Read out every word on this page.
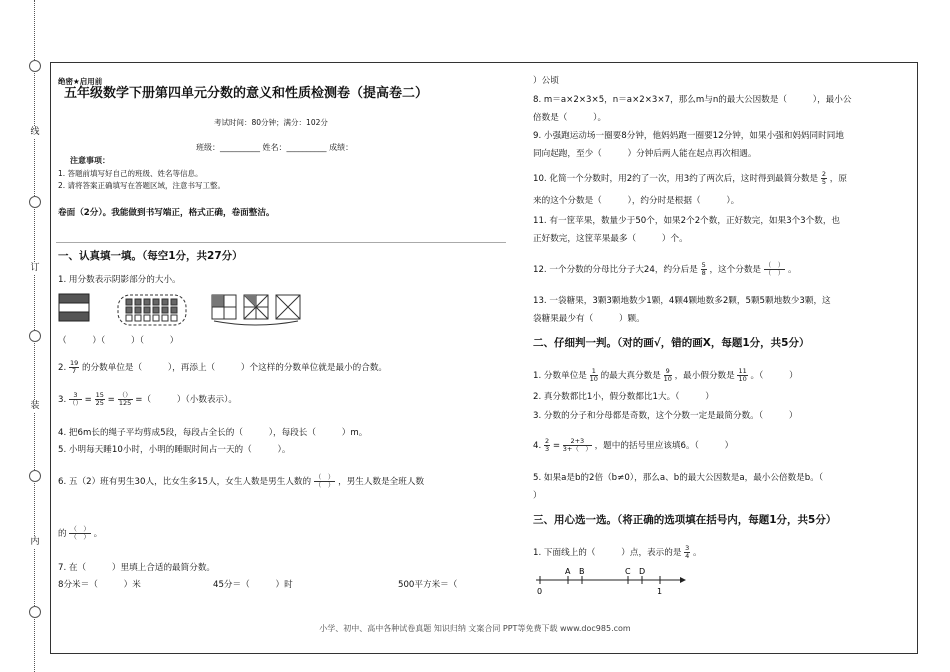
线
订
装
内
绝密★启用前
五年级数学下册第四单元分数的意义和性质检测卷（提高卷二）
考试时间：80分钟；满分：102分
班级：__________ 姓名：__________ 成绩：
注意事项：
1. 答题前填写好自己的班级、姓名等信息。
2. 请将答案正确填写在答题区域，注意书写工整。
卷面（2分）。我能做到书写端正，格式正确，卷面整洁。
一、认真填一填。（每空1分，共27分）
1. 用分数表示阴影部分的大小。
（　　　）（　　　）（　　　）
2. $\frac{19}{7}$ 的分数单位是（　　　），再添上（　　　）个这样的分数单位就是最小的合数。
3. $\frac{3}{()} = \frac{15}{25} = \frac{()}{125}$ =（　　　）（小数表示）。
4. 把6m长的绳子平均剪成5段，每段占全长的（　　　），每段长（　　　）m。
5. 小明每天睡10小时，小明的睡眠时间占一天的（　　　）。
6. 五（2）班有男生30人，比女生多15人，女生人数是男生人数的 $\frac{( )}{( )}$ ，男生人数是全班人数
的 $\frac{( )}{( )}$ 。
7. 在（　　　）里填上合适的最简分数。
8分米＝（　　　）米	45分＝（　　　）时	500平方米＝（
）公顷
8. m＝a×2×3×5，n＝a×2×3×7，那么m与n的最大公因数是（　　　），最小公
倍数是（　　　）。
9. 小强跑运动场一圈要8分钟，他妈妈跑一圈要12分钟，如果小强和妈妈同时同地
同向起跑，至少（　　　）分钟后两人能在起点再次相遇。
10. 化简一个分数时，用2约了一次，用3约了两次后，这时得到最简分数是 $\frac{2}{5}$ ，原
来的这个分数是（　　　），约分时是根据（　　　）。
11. 有一筐苹果，数量少于50个，如果2个2个数，正好数完，如果3个3个数，也
正好数完，这筐苹果最多（　　　）个。
12. 一个分数的分母比分子大24，约分后是 $\frac{5}{8}$ ，这个分数是 $\frac{( )}{( )}$ 。
13. 一袋糖果，3颗3颗地数少1颗，4颗4颗地数多2颗，5颗5颗地数少3颗，这
袋糖果最少有（　　　）颗。
二、仔细判一判。（对的画√，错的画X，每题1分，共5分）
1. 分数单位是 $\frac{1}{10}$ 的最大真分数是 $\frac{9}{10}$ ，最小假分数是 $\frac{11}{10}$ 。（　　　）
2. 真分数都比1小，假分数都比1大。（　　　）
3. 分数的分子和分母都是奇数，这个分数一定是最简分数。（　　　）
4. $\frac{2}{3} = \frac{2+3}{3+( )}$ ，题中的括号里应该填6。（　　　）
5. 如果a是b的2倍（b≠0），那么a、b的最大公因数是a，最小公倍数是b。（
）
三、用心选一选。（将正确的选项填在括号内，每题1分，共5分）
1. 下面线上的（　　　）点，表示的是 $\frac{3}{4}$ 。
A B	C D
0	1
小学、初中、高中各种试卷真题 知识归纳 文案合同 PPT等免费下载 www.doc985.com
